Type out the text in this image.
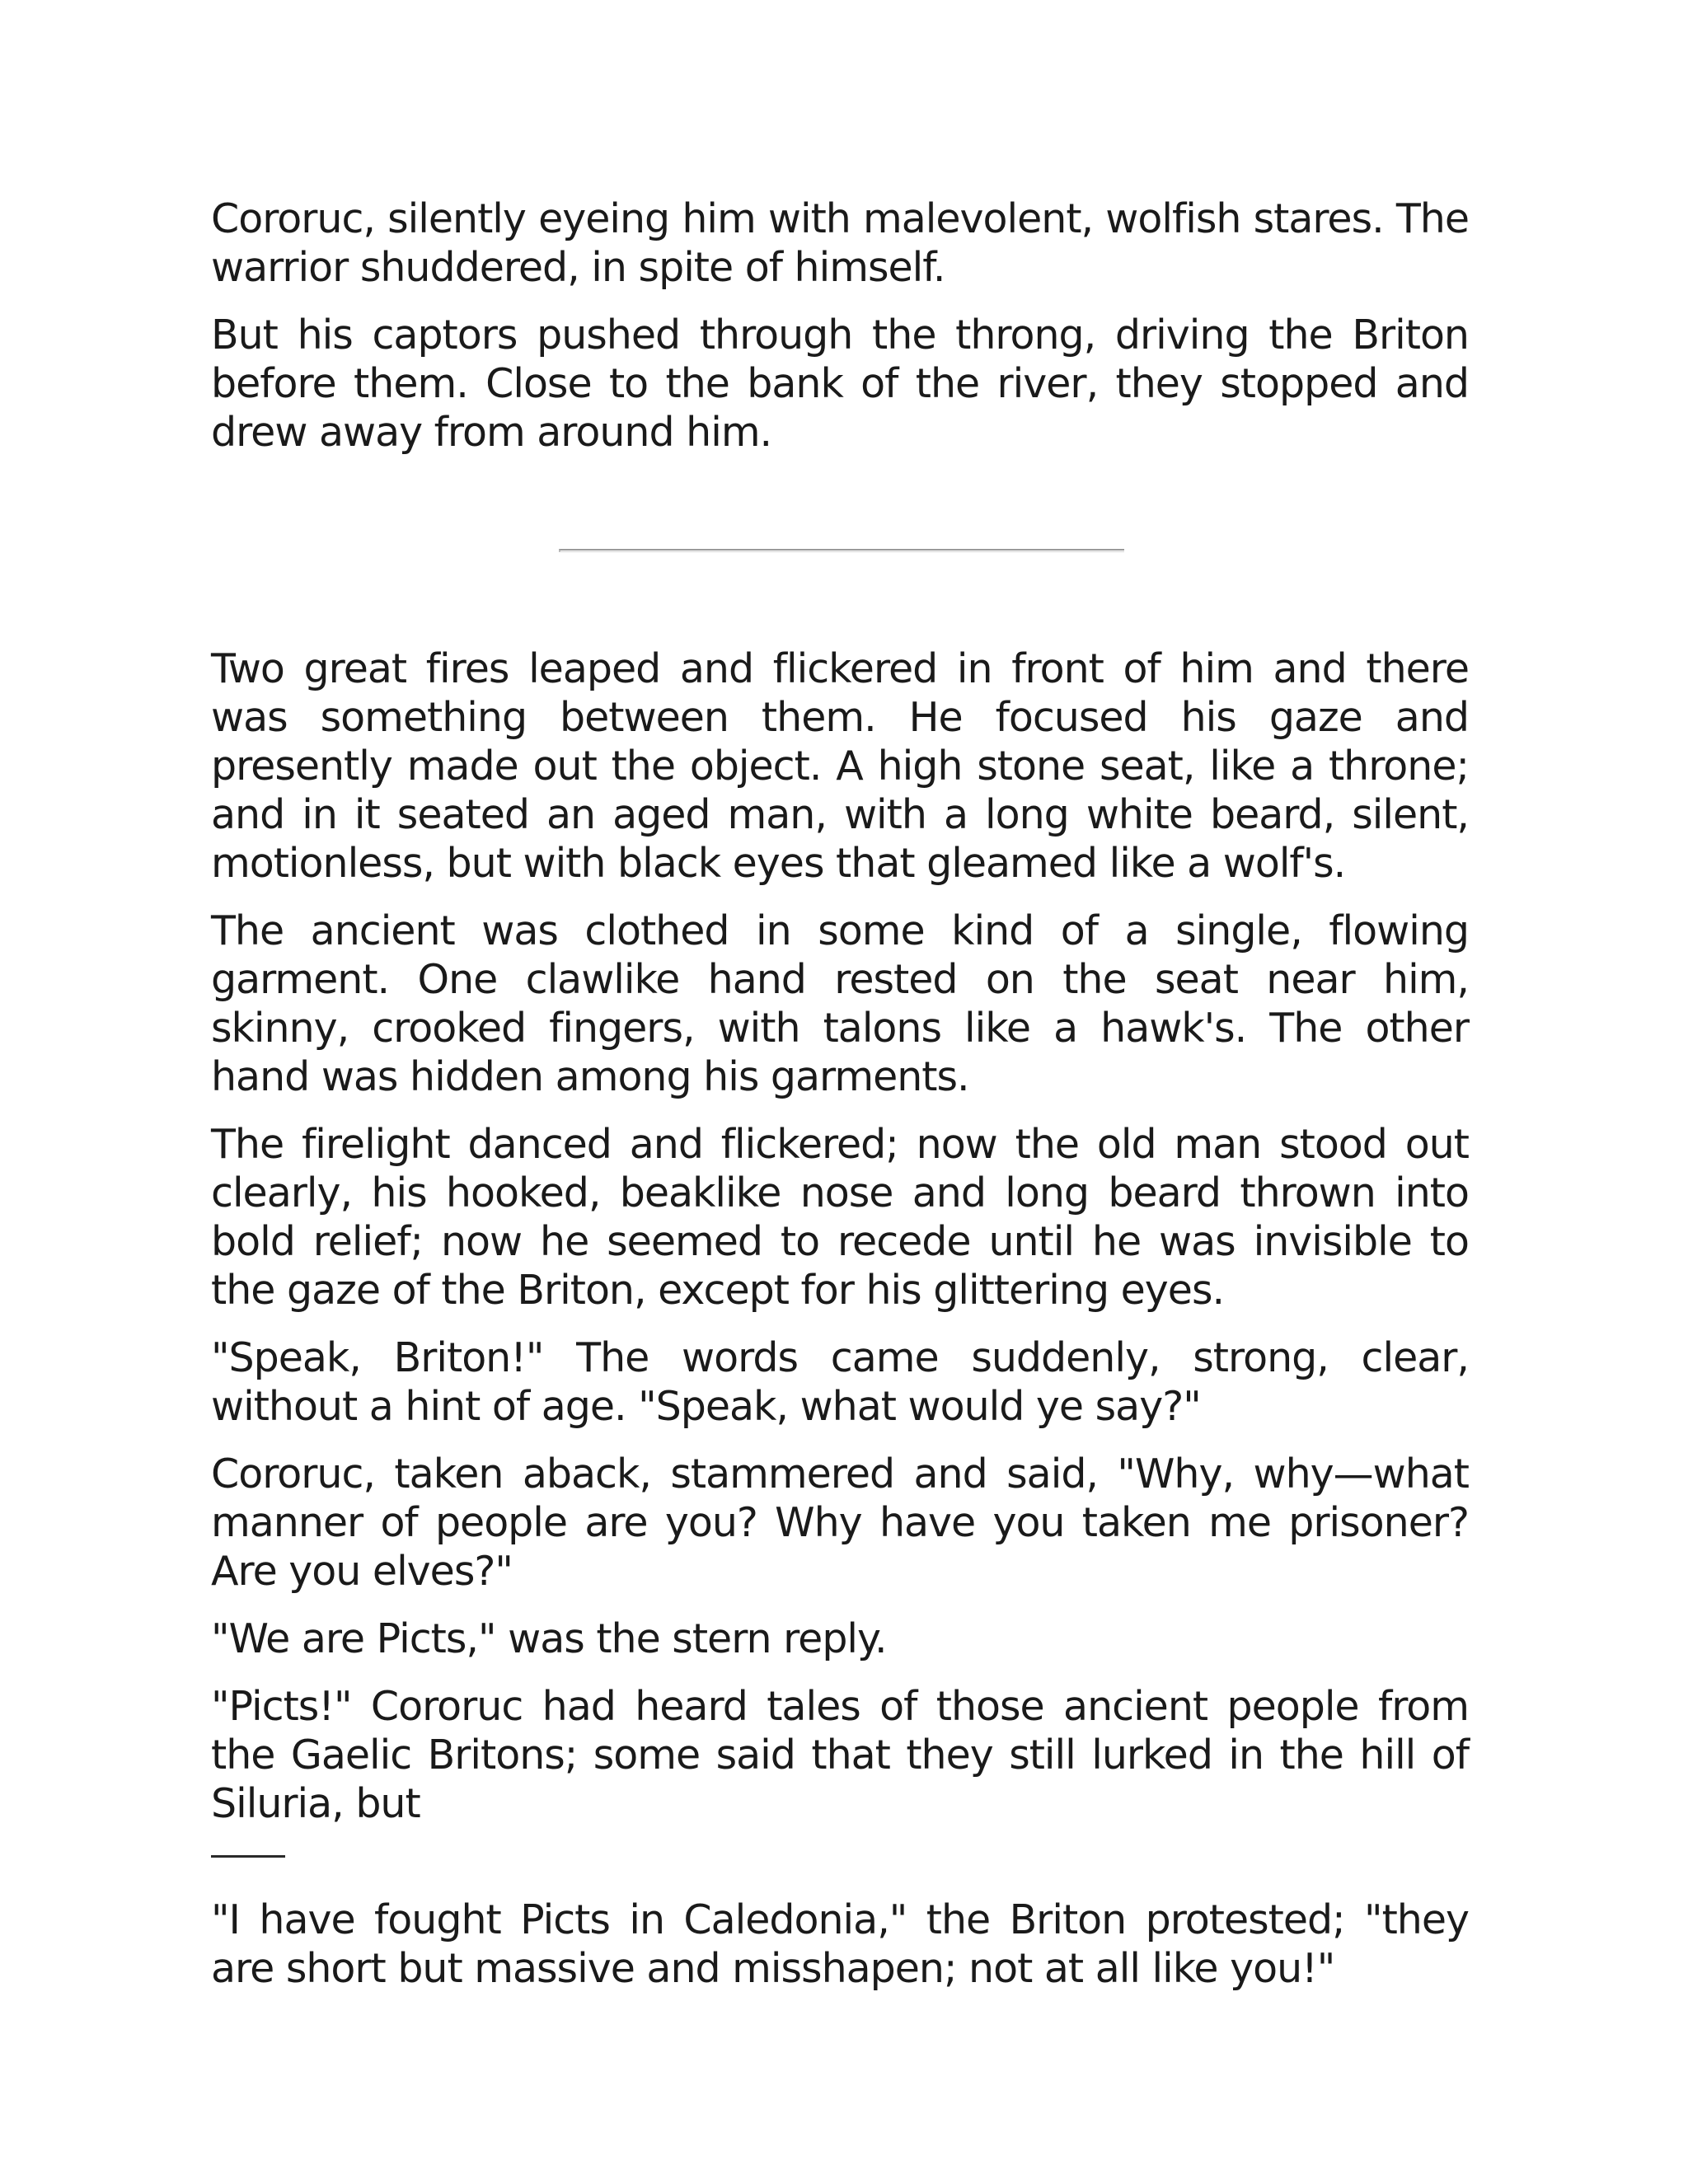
Cororuc, silently eyeing him with malevolent, wolfish stares. The warrior shuddered, in spite of himself.

But his captors pushed through the throng, driving the Briton before them. Close to the bank of the river, they stopped and drew away from around him.

Two great fires leaped and flickered in front of him and there was something between them. He focused his gaze and presently made out the object. A high stone seat, like a throne; and in it seated an aged man, with a long white beard, silent, motionless, but with black eyes that gleamed like a wolf's.

The ancient was clothed in some kind of a single, flowing garment. One clawlike hand rested on the seat near him, skinny, crooked fingers, with talons like a hawk's. The other hand was hidden among his garments.

The firelight danced and flickered; now the old man stood out clearly, his hooked, beaklike nose and long beard thrown into bold relief; now he seemed to recede until he was invisible to the gaze of the Briton, except for his glittering eyes.

"Speak, Briton!" The words came suddenly, strong, clear, without a hint of age. "Speak, what would ye say?"

Cororuc, taken aback, stammered and said, "Why, why—what manner of people are you? Why have you taken me prisoner? Are you elves?"

"We are Picts," was the stern reply.

"Picts!" Cororuc had heard tales of those ancient people from the Gaelic Britons; some said that they still lurked in the hill of Siluria, but

"I have fought Picts in Caledonia," the Briton protested; "they are short but massive and misshapen; not at all like you!"
